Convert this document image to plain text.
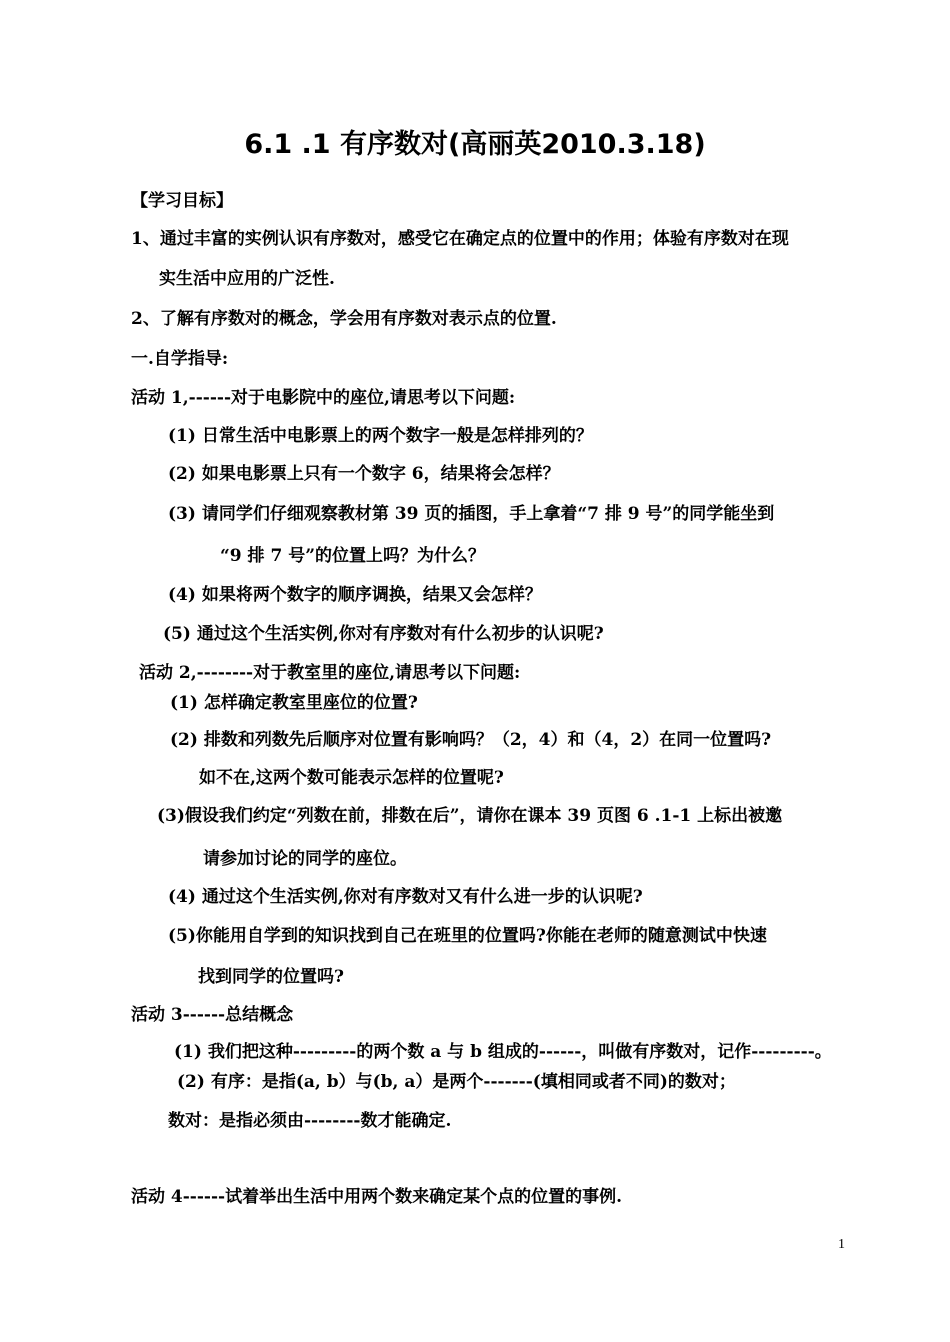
6.1 .1 有序数对(高丽英2010.3.18)
【学习目标】
1、通过丰富的实例认识有序数对，感受它在确定点的位置中的作用；体验有序数对在现
实生活中应用的广泛性.
2、了解有序数对的概念，学会用有序数对表示点的位置.
一.自学指导:
活动 1,------对于电影院中的座位,请思考以下问题:
(1) 日常生活中电影票上的两个数字一般是怎样排列的？
(2) 如果电影票上只有一个数字 6，结果将会怎样？
(3) 请同学们仔细观察教材第 39 页的插图，手上拿着“7 排 9 号”的同学能坐到
“9 排 7 号”的位置上吗？为什么？
(4) 如果将两个数字的顺序调换，结果又会怎样？
(5) 通过这个生活实例,你对有序数对有什么初步的认识呢?
活动 2,--------对于教室里的座位,请思考以下问题:
(1) 怎样确定教室里座位的位置?
(2) 排数和列数先后顺序对位置有影响吗？（2，4）和（4，2）在同一位置吗?
如不在,这两个数可能表示怎样的位置呢?
(3)假设我们约定“列数在前，排数在后”，请你在课本 39 页图 6 .1-1 上标出被邀
请参加讨论的同学的座位。
(4) 通过这个生活实例,你对有序数对又有什么进一步的认识呢?
(5)你能用自学到的知识找到自己在班里的位置吗?你能在老师的随意测试中快速
找到同学的位置吗?
活动 3------总结概念
(1) 我们把这种---------的两个数 a 与 b 组成的------，叫做有序数对，记作---------。
(2) 有序：是指(a, b）与(b, a）是两个-------(填相同或者不同)的数对；
数对：是指必须由--------数才能确定.
活动 4------试着举出生活中用两个数来确定某个点的位置的事例.
1
